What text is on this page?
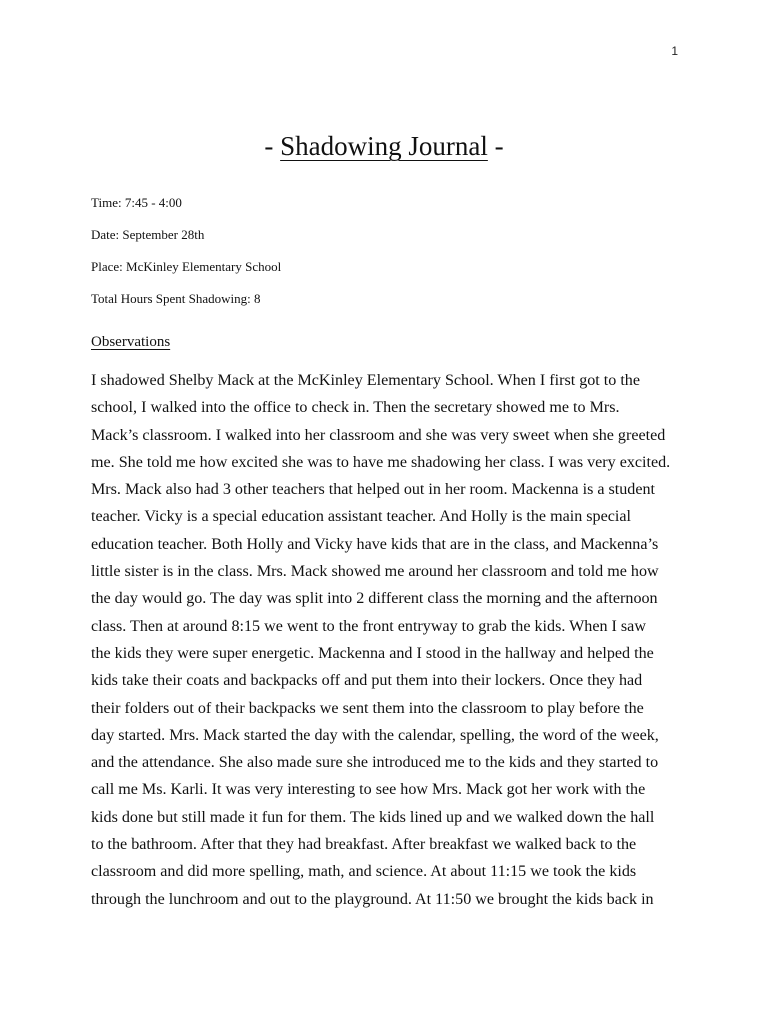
1
- Shadowing Journal -
Time: 7:45 - 4:00
Date: September 28th
Place: McKinley Elementary School
Total Hours Spent Shadowing: 8
Observations
I shadowed Shelby Mack at the McKinley Elementary School. When I first got to the
school, I walked into the office to check in. Then the secretary showed me to Mrs.
Mack’s classroom. I walked into her classroom and she was very sweet when she greeted
me. She told me how excited she was to have me shadowing her class. I was very excited.
Mrs. Mack also had 3 other teachers that helped out in her room. Mackenna is a student
teacher. Vicky is a special education assistant teacher. And Holly is the main special
education teacher. Both Holly and Vicky have kids that are in the class, and Mackenna’s
little sister is in the class. Mrs. Mack showed me around her classroom and told me how
the day would go. The day was split into 2 different class the morning and the afternoon
class. Then at around 8:15 we went to the front entryway to grab the kids. When I saw
the kids they were super energetic. Mackenna and I stood in the hallway and helped the
kids take their coats and backpacks off and put them into their lockers. Once they had
their folders out of their backpacks we sent them into the classroom to play before the
day started. Mrs. Mack started the day with the calendar, spelling, the word of the week,
and the attendance. She also made sure she introduced me to the kids and they started to
call me Ms. Karli. It was very interesting to see how Mrs. Mack got her work with the
kids done but still made it fun for them. The kids lined up and we walked down the hall
to the bathroom. After that they had breakfast. After breakfast we walked back to the
classroom and did more spelling, math, and science. At about 11:15 we took the kids
through the lunchroom and out to the playground. At 11:50 we brought the kids back in
